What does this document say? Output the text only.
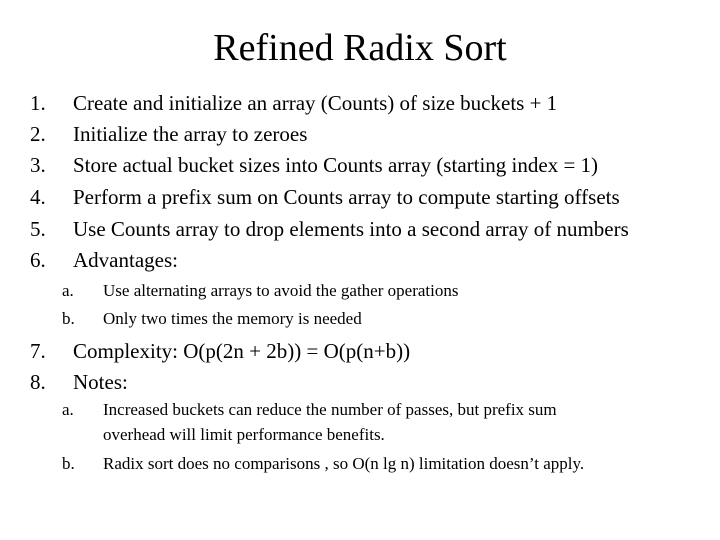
Refined Radix Sort
1. Create and initialize an array (Counts) of size buckets + 1
2. Initialize the array to zeroes
3. Store actual bucket sizes into Counts array (starting index = 1)
4. Perform a prefix sum on Counts array to compute starting offsets
5. Use Counts array to drop elements into a second array of numbers
6. Advantages:
a. Use alternating arrays to avoid the gather operations
b. Only two times the memory is needed
7. Complexity: O(p(2n + 2b)) = O(p(n+b))
8. Notes:
a. Increased buckets can reduce the number of passes, but prefix sum
overhead will limit performance benefits.
b. Radix sort does no comparisons , so O(n lg n) limitation doesn’t apply.
